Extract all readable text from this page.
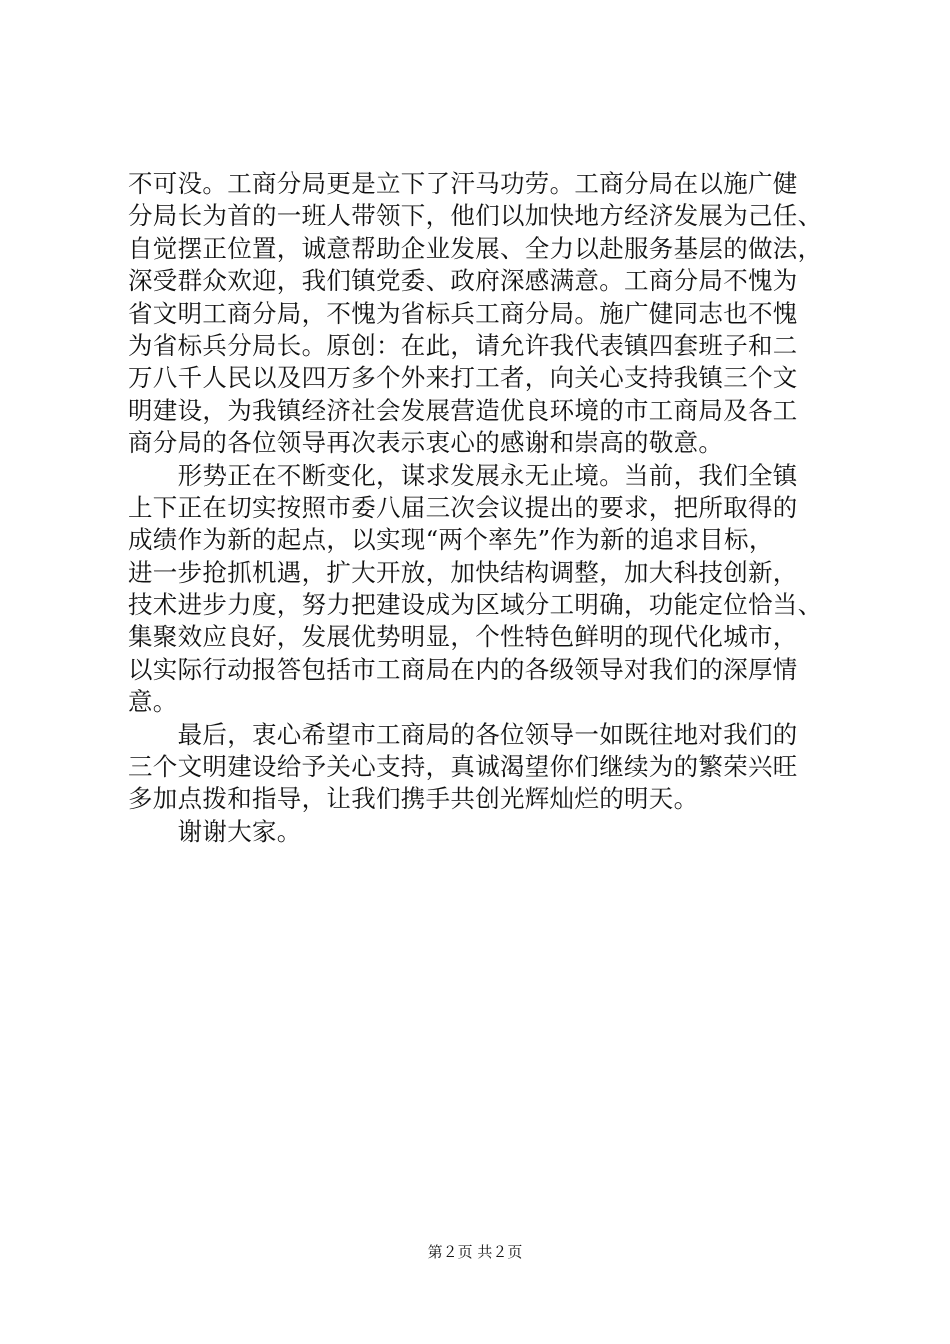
不可没。工商分局更是立下了汗马功劳。工商分局在以施广健
分局长为首的一班人带领下，他们以加快地方经济发展为己任、
自觉摆正位置，诚意帮助企业发展、全力以赴服务基层的做法，
深受群众欢迎，我们镇党委、政府深感满意。工商分局不愧为
省文明工商分局，不愧为省标兵工商分局。施广健同志也不愧
为省标兵分局长。原创：在此，请允许我代表镇四套班子和二
万八千人民以及四万多个外来打工者，向关心支持我镇三个文
明建设，为我镇经济社会发展营造优良环境的市工商局及各工
商分局的各位领导再次表示衷心的感谢和崇高的敬意。
　　形势正在不断变化，谋求发展永无止境。当前，我们全镇
上下正在切实按照市委八届三次会议提出的要求，把所取得的
成绩作为新的起点，以实现“两个率先”作为新的追求目标，
进一步抢抓机遇，扩大开放，加快结构调整，加大科技创新，
技术进步力度，努力把建设成为区域分工明确，功能定位恰当、
集聚效应良好，发展优势明显，个性特色鲜明的现代化城市，
以实际行动报答包括市工商局在内的各级领导对我们的深厚情
意。
　　最后，衷心希望市工商局的各位领导一如既往地对我们的
三个文明建设给予关心支持，真诚渴望你们继续为的繁荣兴旺
多加点拨和指导，让我们携手共创光辉灿烂的明天。
　　谢谢大家。
第２页 共２页
